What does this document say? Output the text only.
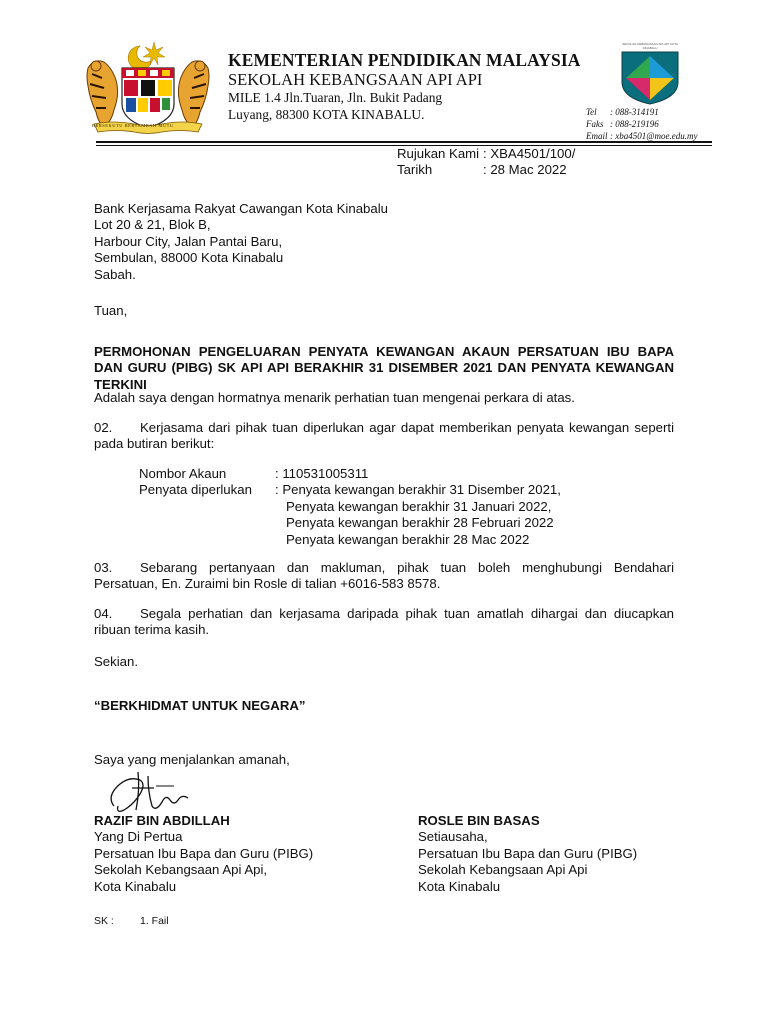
BERSEKUTU BERTAMBAH MUTU
KEMENTERIAN PENDIDIKAN MALAYSIA
SEKOLAH KEBANGSAAN API API
MILE 1.4 Jln.Tuaran, Jln. Bukit Padang
Luyang, 88300 KOTA KINABALU.
SEKOLAH KEBANGSAAN API-API KOTA KINABALU
Tel : 088-314191
Faks : 088-219196
Email : xba4501@moe.edu.my
Rujukan Kami : XBA4501/100/
Tarikh	: 28 Mac 2022
Bank Kerjasama Rakyat Cawangan Kota Kinabalu
Lot 20 & 21, Blok B,
Harbour City, Jalan Pantai Baru,
Sembulan, 88000 Kota Kinabalu
Sabah.
Tuan,
PERMOHONAN PENGELUARAN PENYATA KEWANGAN AKAUN PERSATUAN IBU BAPA DAN GURU (PIBG) SK API API BERAKHIR 31 DISEMBER 2021 DAN PENYATA KEWANGAN TERKINI
Adalah saya dengan hormatnya menarik perhatian tuan mengenai perkara di atas.
02. Kerjasama dari pihak tuan diperlukan agar dapat memberikan penyata kewangan seperti pada butiran berikut:
Nombor Akaun	: 110531005311
Penyata diperlukan	: Penyata kewangan berakhir 31 Disember 2021,
Penyata kewangan berakhir 31 Januari 2022,
Penyata kewangan berakhir 28 Februari 2022
Penyata kewangan berakhir 28 Mac 2022
03. Sebarang pertanyaan dan makluman, pihak tuan boleh menghubungi Bendahari Persatuan, En. Zuraimi bin Rosle di talian +6016-583 8578.
04. Segala perhatian dan kerjasama daripada pihak tuan amatlah dihargai dan diucapkan ribuan terima kasih.
Sekian.
“BERKHIDMAT UNTUK NEGARA”
Saya yang menjalankan amanah,
RAZIF BIN ABDILLAH
Yang Di Pertua
Persatuan Ibu Bapa dan Guru (PIBG)
Sekolah Kebangsaan Api Api,
Kota Kinabalu
ROSLE BIN BASAS
Setiausaha,
Persatuan Ibu Bapa dan Guru (PIBG)
Sekolah Kebangsaan Api Api
Kota Kinabalu
SK : 1. Fail
